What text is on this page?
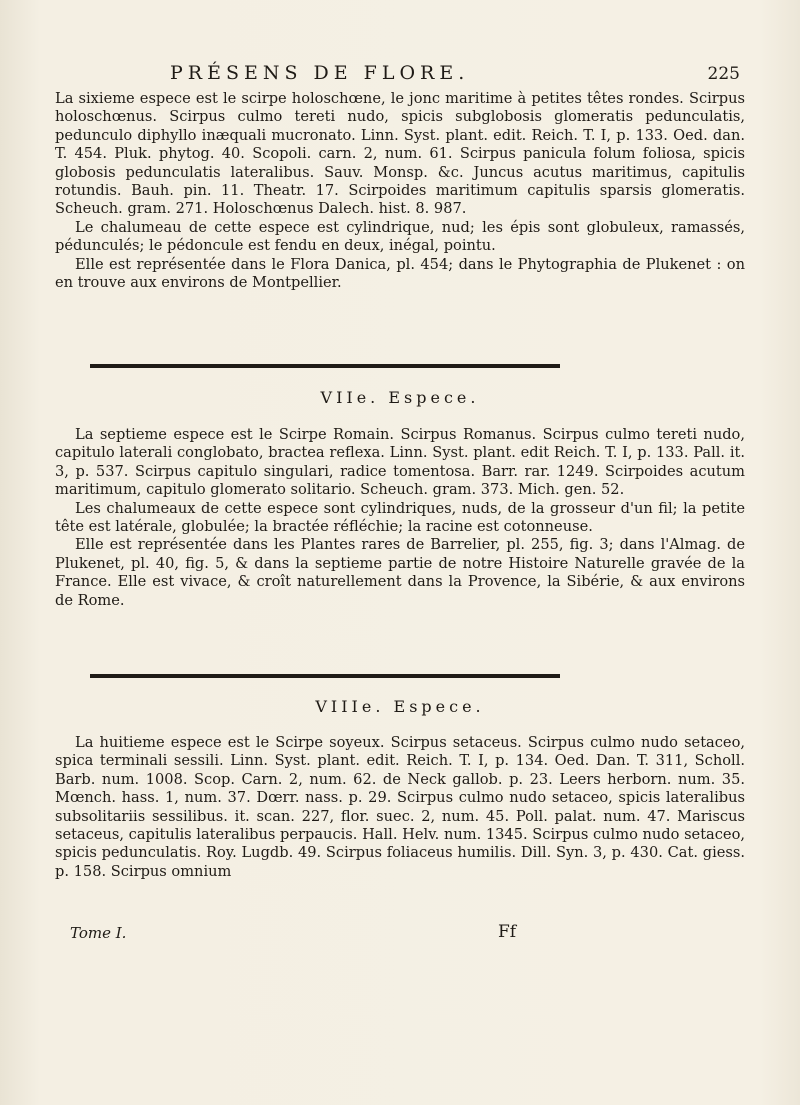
PRÉSENS DE FLORE.	225

La sixieme espece est le scirpe holoschœne, le jonc maritime à petites têtes rondes. Scirpus holoschœnus. Scirpus culmo tereti nudo, spicis subglobosis glomeratis pedunculatis, pedunculo diphyllo inæquali mucronato. Linn. Syst. plant. edit. Reich. T. I, p. 133. Oed. dan. T. 454. Pluk. phytog. 40. Scopoli. carn. 2, num. 61. Scirpus panicula folum foliosa, spicis globosis pedunculatis lateralibus. Sauv. Monsp. &c. Juncus acutus maritimus, capitulis rotundis. Bauh. pin. 11. Theatr. 17. Scirpoides maritimum capitulis sparsis glomeratis. Scheuch. gram. 271. Holoschœnus Dalech. hist. 8. 987.

Le chalumeau de cette espece est cylindrique, nud; les épis sont globuleux, ramassés, pédunculés; le pédoncule est fendu en deux, inégal, pointu.

Elle est représentée dans le Flora Danica, pl. 454; dans le Phytographia de Plukenet : on en trouve aux environs de Montpellier.

VIIe. Espece.

La septieme espece est le Scirpe Romain. Scirpus Romanus. Scirpus culmo tereti nudo, capitulo laterali conglobato, bractea reflexa. Linn. Syst. plant. edit Reich. T. I, p. 133. Pall. it. 3, p. 537. Scirpus capitulo singulari, radice tomentosa. Barr. rar. 1249. Scirpoides acutum maritimum, capitulo glomerato solitario. Scheuch. gram. 373. Mich. gen. 52.

Les chalumeaux de cette espece sont cylindriques, nuds, de la grosseur d'un fil; la petite tête est latérale, globulée; la bractée réfléchie; la racine est cotonneuse.

Elle est représentée dans les Plantes rares de Barrelier, pl. 255, fig. 3; dans l'Almag. de Plukenet, pl. 40, fig. 5, & dans la septieme partie de notre Histoire Naturelle gravée de la France. Elle est vivace, & croît naturellement dans la Provence, la Sibérie, & aux environs de Rome.

VIIIe. Espece.

La huitieme espece est le Scirpe soyeux. Scirpus setaceus. Scirpus culmo nudo setaceo, spica terminali sessili. Linn. Syst. plant. edit. Reich. T. I, p. 134. Oed. Dan. T. 311, Scholl. Barb. num. 1008. Scop. Carn. 2, num. 62. de Neck gallob. p. 23. Leers herborn. num. 35. Mœnch. hass. 1, num. 37. Dœrr. nass. p. 29. Scirpus culmo nudo setaceo, spicis lateralibus subsolitariis sessilibus. it. scan. 227, flor. suec. 2, num. 45. Poll. palat. num. 47. Mariscus setaceus, capitulis lateralibus perpaucis. Hall. Helv. num. 1345. Scirpus culmo nudo setaceo, spicis pedunculatis. Roy. Lugdb. 49. Scirpus foliaceus humilis. Dill. Syn. 3, p. 430. Cat. giess. p. 158. Scirpus omnium

Tome I.	Ff
